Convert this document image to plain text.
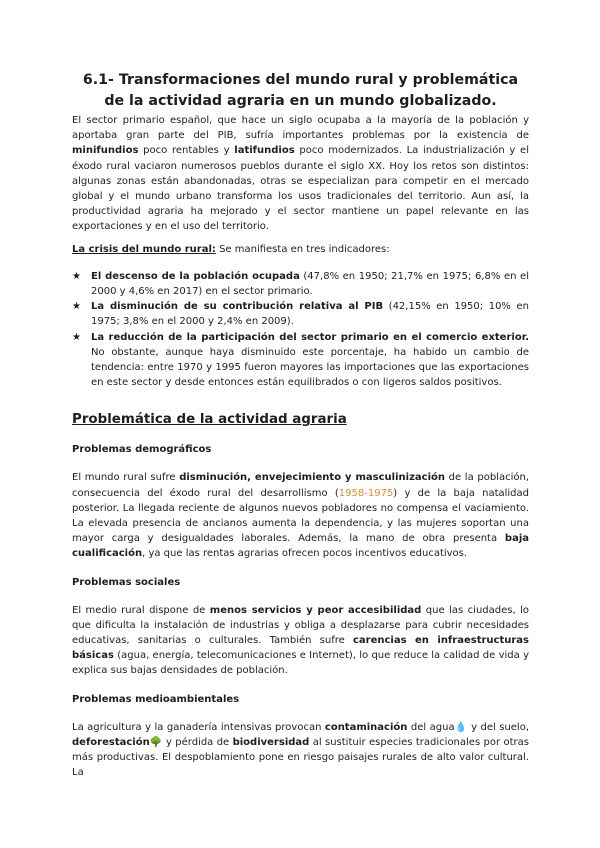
6.1- Transformaciones del mundo rural y problemática de la actividad agraria en un mundo globalizado.

El sector primario español, que hace un siglo ocupaba a la mayoría de la población y aportaba gran parte del PIB, sufría importantes problemas por la existencia de minifundios poco rentables y latifundios poco modernizados. La industrialización y el éxodo rural vaciaron numerosos pueblos durante el siglo XX. Hoy los retos son distintos: algunas zonas están abandonadas, otras se especializan para competir en el mercado global y el mundo urbano transforma los usos tradicionales del territorio. Aun así, la productividad agraria ha mejorado y el sector mantiene un papel relevante en las exportaciones y en el uso del territorio.

La crisis del mundo rural: Se manifiesta en tres indicadores:

★ El descenso de la población ocupada (47,8% en 1950; 21,7% en 1975; 6,8% en el 2000 y 4,6% en 2017) en el sector primario.
★ La disminución de su contribución relativa al PIB (42,15% en 1950; 10% en 1975; 3,8% en el 2000 y 2,4% en 2009).
★ La reducción de la participación del sector primario en el comercio exterior. No obstante, aunque haya disminuido este porcentaje, ha habido un cambio de tendencia: entre 1970 y 1995 fueron mayores las importaciones que las exportaciones en este sector y desde entonces están equilibrados o con ligeros saldos positivos.
Problemática de la actividad agraria
Problemas demográficos

El mundo rural sufre disminución, envejecimiento y masculinización de la población, consecuencia del éxodo rural del desarrollismo (1958-1975) y de la baja natalidad posterior. La llegada reciente de algunos nuevos pobladores no compensa el vaciamiento. La elevada presencia de ancianos aumenta la dependencia, y las mujeres soportan una mayor carga y desigualdades laborales. Además, la mano de obra presenta baja cualificación, ya que las rentas agrarias ofrecen pocos incentivos educativos.

Problemas sociales

El medio rural dispone de menos servicios y peor accesibilidad que las ciudades, lo que dificulta la instalación de industrias y obliga a desplazarse para cubrir necesidades educativas, sanitarias o culturales. También sufre carencias en infraestructuras básicas (agua, energía, telecomunicaciones e Internet), lo que reduce la calidad de vida y explica sus bajas densidades de población.

Problemas medioambientales

La agricultura y la ganadería intensivas provocan contaminación del agua💧 y del suelo, deforestación🌳 y pérdida de biodiversidad al sustituir especies tradicionales por otras más productivas. El despoblamiento pone en riesgo paisajes rurales de alto valor cultural. La
